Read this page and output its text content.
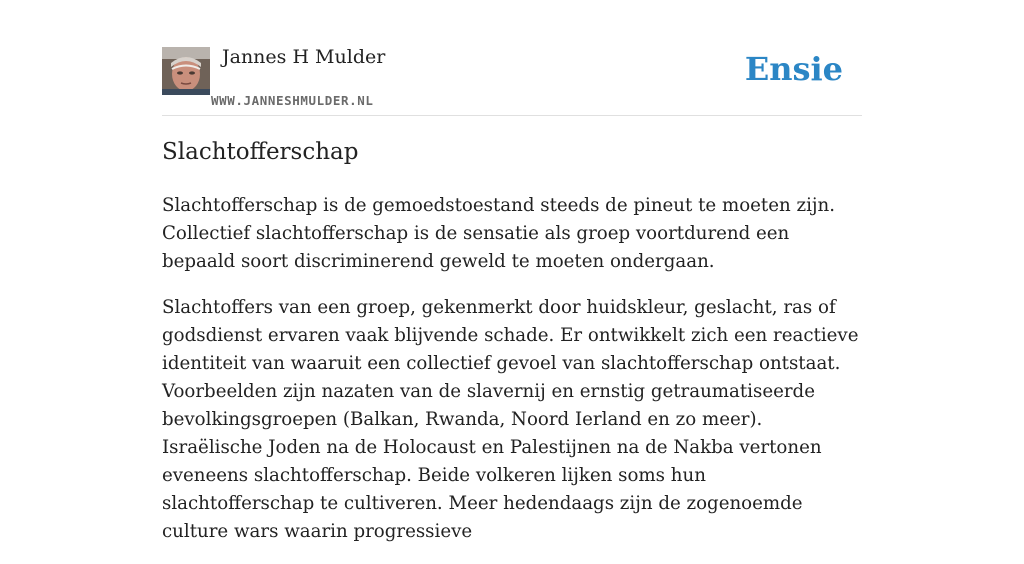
Jannes H Mulder
WWW.JANNESHMULDER.NL
Ensie
Slachtofferschap

Slachtofferschap is de gemoedstoestand steeds de pineut te moeten zijn. Collectief slachtofferschap is de sensatie als groep voortdurend een bepaald soort discriminerend geweld te moeten ondergaan.

Slachtoffers van een groep, gekenmerkt door huidskleur, geslacht, ras of godsdienst ervaren vaak blijvende schade. Er ontwikkelt zich een reactieve identiteit van waaruit een collectief gevoel van slachtofferschap ontstaat. Voorbeelden zijn nazaten van de slavernij en ernstig getraumatiseerde bevolkingsgroepen (Balkan, Rwanda, Noord Ierland en zo meer). Israëlische Joden na de Holocaust en Palestijnen na de Nakba vertonen eveneens slachtofferschap. Beide volkeren lijken soms hun slachtofferschap te cultiveren. Meer hedendaags zijn de zogenoemde culture wars waarin progressieve
